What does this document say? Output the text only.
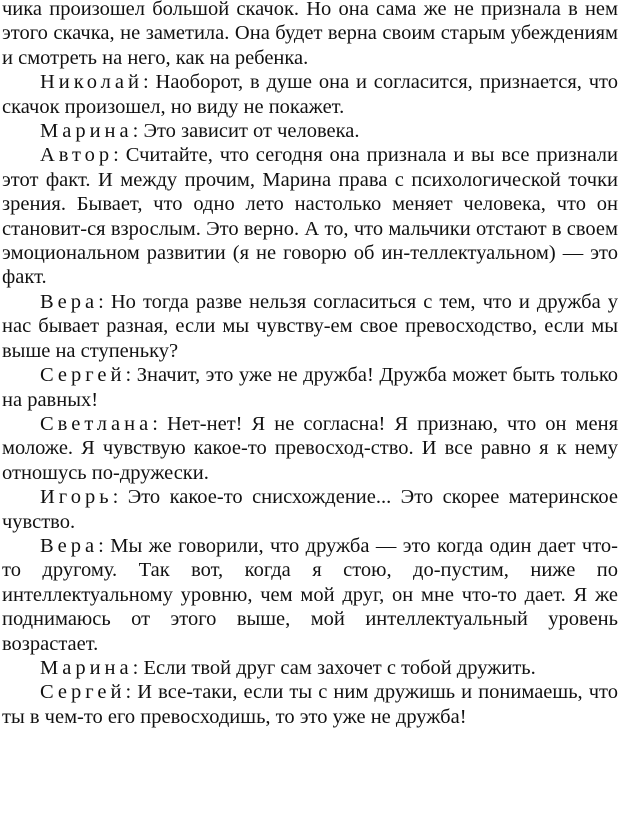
чика произошел большой скачок. Но она сама же не признала в нем этого скачка, не заметила. Она будет верна своим старым убеждениям и смотреть на него, как на ребенка.

Николай: Наоборот, в душе она и согласится, признается, что скачок произошел, но виду не покажет.

Марина: Это зависит от человека.

Автор: Считайте, что сегодня она признала и вы все признали этот факт. И между прочим, Марина права с психологической точки зрения. Бывает, что одно лето настолько меняет человека, что он становит-ся взрослым. Это верно. А то, что мальчики отстают в своем эмоциональном развитии (я не говорю об ин-теллектуальном) — это факт.

Вера: Но тогда разве нельзя согласиться с тем, что и дружба у нас бывает разная, если мы чувству-ем свое превосходство, если мы выше на ступеньку?

Сергей: Значит, это уже не дружба! Дружба может быть только на равных!

Светлана: Нет-нет! Я не согласна! Я признаю, что он меня моложе. Я чувствую какое-то превосход-ство. И все равно я к нему отношусь по-дружески.

Игорь: Это какое-то снисхождение... Это скорее материнское чувство.

Вера: Мы же говорили, что дружба — это когда один дает что-то другому. Так вот, когда я стою, до-пустим, ниже по интеллектуальному уровню, чем мой друг, он мне что-то дает. Я же поднимаюсь от этого выше, мой интеллектуальный уровень возрастает.

Марина: Если твой друг сам захочет с тобой дружить.

Сергей: И все-таки, если ты с ним дружишь и понимаешь, что ты в чем-то его превосходишь, то это уже не дружба!
